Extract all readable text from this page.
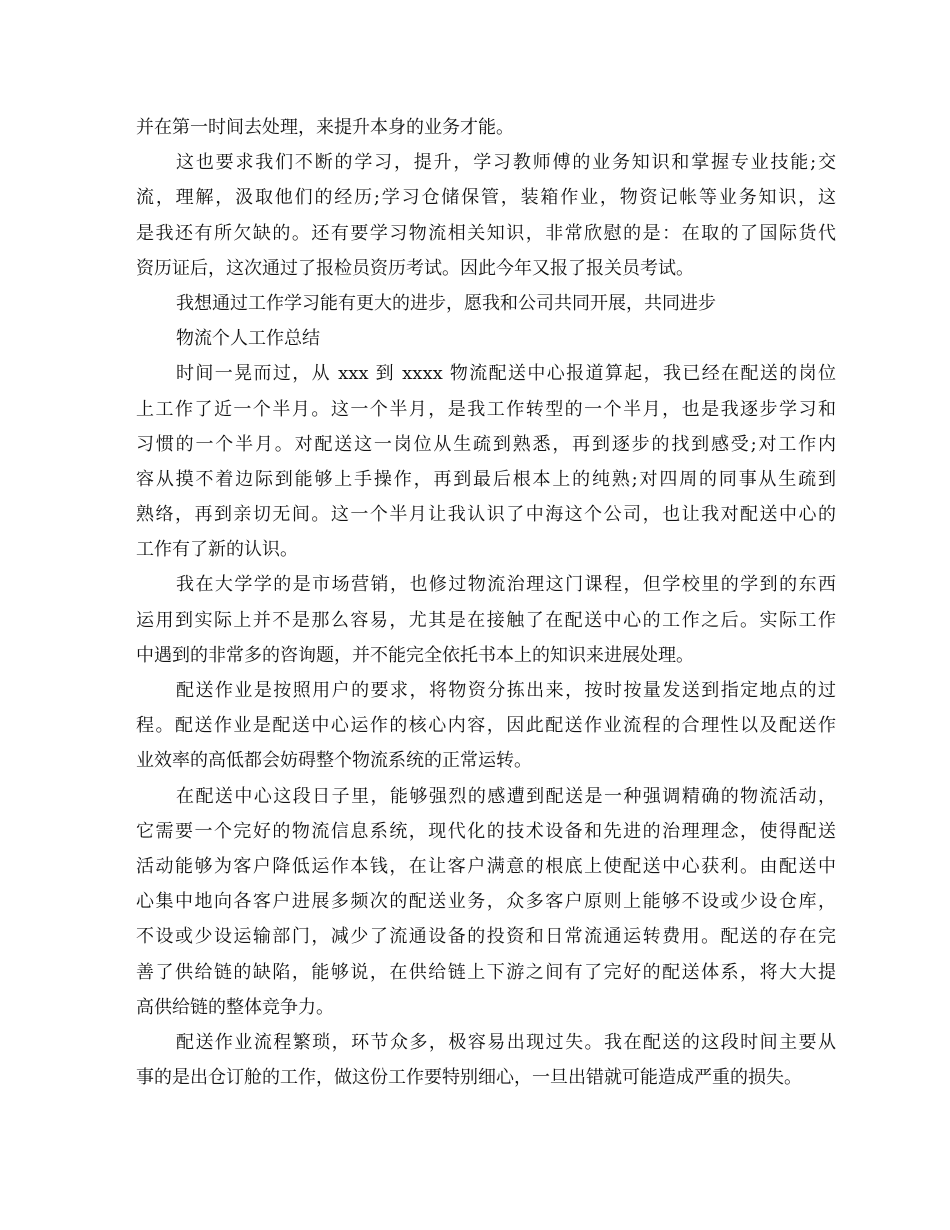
并在第一时间去处理，来提升本身的业务才能。
这也要求我们不断的学习，提升，学习教师傅的业务知识和掌握专业技能;交
流，理解，汲取他们的经历;学习仓储保管，装箱作业，物资记帐等业务知识，这
是我还有所欠缺的。还有要学习物流相关知识，非常欣慰的是：在取的了国际货代
资历证后，这次通过了报检员资历考试。因此今年又报了报关员考试。
我想通过工作学习能有更大的进步，愿我和公司共同开展，共同进步
物流个人工作总结
时间一晃而过，从 xxx 到 xxxx 物流配送中心报道算起，我已经在配送的岗位
上工作了近一个半月。这一个半月，是我工作转型的一个半月，也是我逐步学习和
习惯的一个半月。对配送这一岗位从生疏到熟悉，再到逐步的找到感受;对工作内
容从摸不着边际到能够上手操作，再到最后根本上的纯熟;对四周的同事从生疏到
熟络，再到亲切无间。这一个半月让我认识了中海这个公司，也让我对配送中心的
工作有了新的认识。
我在大学学的是市场营销，也修过物流治理这门课程，但学校里的学到的东西
运用到实际上并不是那么容易，尤其是在接触了在配送中心的工作之后。实际工作
中遇到的非常多的咨询题，并不能完全依托书本上的知识来进展处理。
配送作业是按照用户的要求，将物资分拣出来，按时按量发送到指定地点的过
程。配送作业是配送中心运作的核心内容，因此配送作业流程的合理性以及配送作
业效率的高低都会妨碍整个物流系统的正常运转。
在配送中心这段日子里，能够强烈的感遭到配送是一种强调精确的物流活动，
它需要一个完好的物流信息系统，现代化的技术设备和先进的治理理念，使得配送
活动能够为客户降低运作本钱，在让客户满意的根底上使配送中心获利。由配送中
心集中地向各客户进展多频次的配送业务，众多客户原则上能够不设或少设仓库，
不设或少设运输部门，减少了流通设备的投资和日常流通运转费用。配送的存在完
善了供给链的缺陷，能够说，在供给链上下游之间有了完好的配送体系，将大大提
高供给链的整体竞争力。
配送作业流程繁琐，环节众多，极容易出现过失。我在配送的这段时间主要从
事的是出仓订舱的工作，做这份工作要特别细心，一旦出错就可能造成严重的损失。
